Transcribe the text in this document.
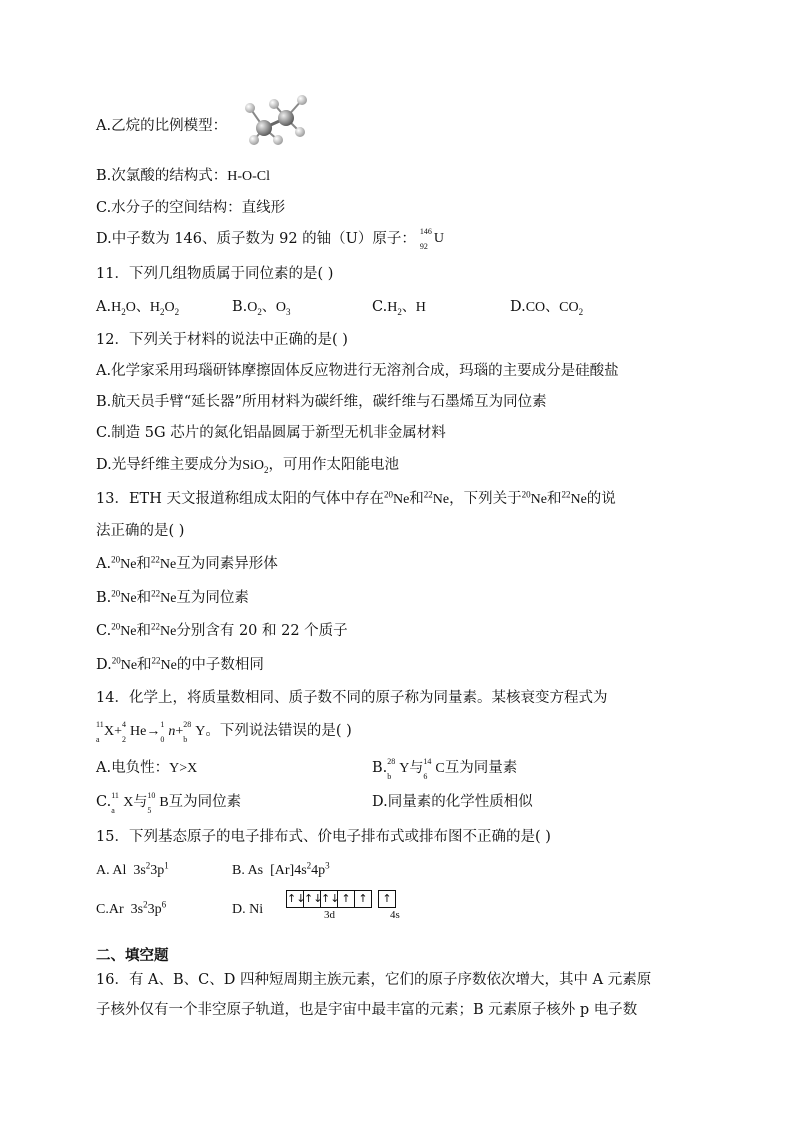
A.乙烷的比例模型：
B.次氯酸的结构式：H-O-Cl
C.水分子的空间结构：直线形
D.中子数为 146、质子数为 92 的铀（U）原子： 146
92
U
11．下列几组物质属于同位素的是( )
$A.H_2O$、$H_2O_2$	$B.O_2$、$O_3$	$C.H_2$、H	D.CO、$CO_2$
12．下列关于材料的说法中正确的是( )
A.化学家采用玛瑙研钵摩擦固体反应物进行无溶剂合成，玛瑙的主要成分是硅酸盐
B.航天员手臂“延长器”所用材料为碳纤维，碳纤维与石墨烯互为同位素
C.制造 5G 芯片的氮化铝晶圆属于新型无机非金属材料
D.光导纤维主要成分为SiO$_2$，可用作太阳能电池
13．ETH 天文报道称组成太阳的气体中存在$^{20}$Ne和$^{22}$Ne，下列关于$^{20}$Ne和$^{22}$Ne的说
法正确的是( )
A.$^{20}$Ne和$^{22}$Ne互为同素异形体
B.$^{20}$Ne和$^{22}$Ne互为同位素
C.$^{20}$Ne和$^{22}$Ne分别含有 20 和 22 个质子
D.$^{20}$Ne和$^{22}$Ne的中子数相同
14．化学上，将质量数相同、质子数不同的原子称为同量素。某核衰变方程式为
11
a
X+ 4
2
He→ 1
0
n+ 28
b
Y。下列说法错误的是( )
A.电负性：Y>X	B. 28
b
Y与 14
6
C互为同量素
C. 11
a
X与 10
5
B互为同位素	D.同量素的化学性质相似
15．下列基态原子的电子排布式、价电子排布式或排布图不正确的是( )
A. Al  $3s^23p^1$	B. As  $[Ar]4s^24p^3$
C.Ar  $3s^23p^6$	D. Ni
↑↓↑↓↑↓ ↑ ↑ ↑
3d	4s
二、填空题
16．有 A、B、C、D 四种短周期主族元素，它们的原子序数依次增大，其中 A 元素原
子核外仅有一个非空原子轨道，也是宇宙中最丰富的元素；B 元素原子核外 p 电子数
